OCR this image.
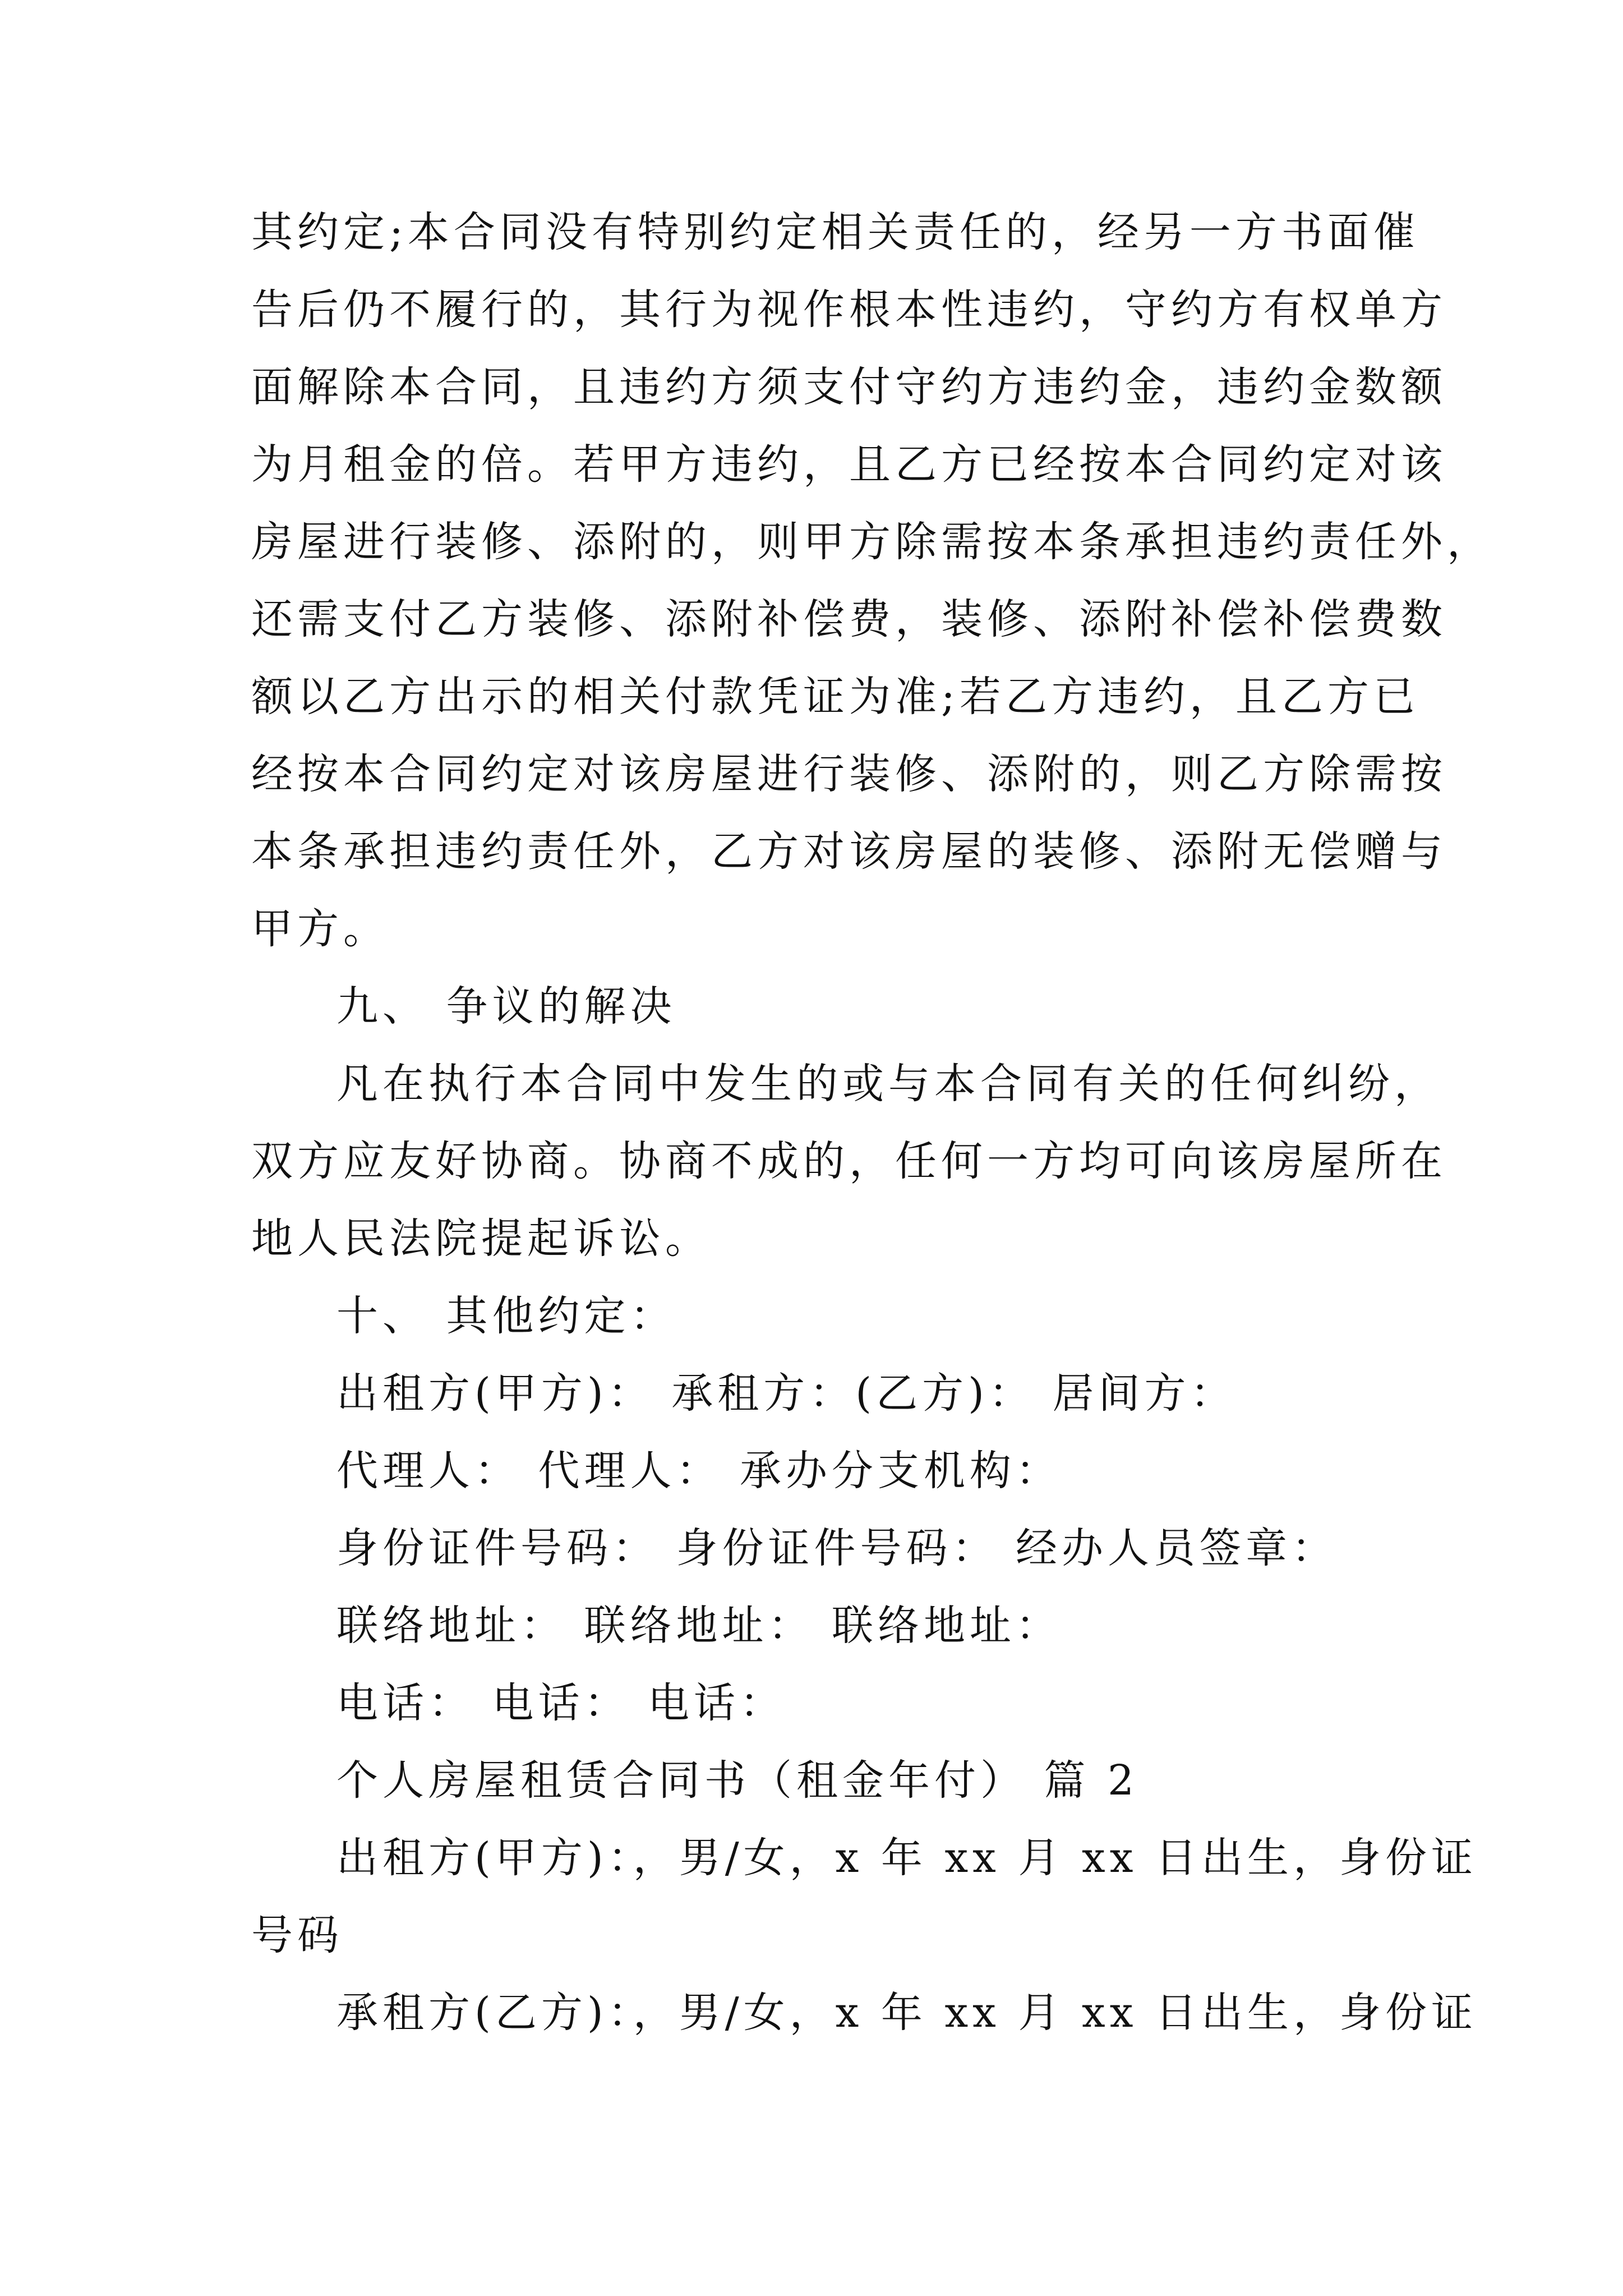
其约定;本合同没有特别约定相关责任的，经另一方书面催
告后仍不履行的，其行为视作根本性违约，守约方有权单方
面解除本合同，且违约方须支付守约方违约金，违约金数额
为月租金的倍。若甲方违约，且乙方已经按本合同约定对该
房屋进行装修、添附的，则甲方除需按本条承担违约责任外，
还需支付乙方装修、添附补偿费，装修、添附补偿补偿费数
额以乙方出示的相关付款凭证为准;若乙方违约，且乙方已
经按本合同约定对该房屋进行装修、添附的，则乙方除需按
本条承担违约责任外，乙方对该房屋的装修、添附无偿赠与
甲方。
九、 争议的解决
凡在执行本合同中发生的或与本合同有关的任何纠纷，
双方应友好协商。协商不成的，任何一方均可向该房屋所在
地人民法院提起诉讼。
十、 其他约定：
出租方(甲方)： 承租方：(乙方)： 居间方：
代理人： 代理人： 承办分支机构：
身份证件号码： 身份证件号码： 经办人员签章：
联络地址： 联络地址： 联络地址：
电话： 电话： 电话：
个人房屋租赁合同书（租金年付） 篇 2
出租方(甲方)：，男/女，x 年 xx 月 xx 日出生，身份证
号码
承租方(乙方)：，男/女，x 年 xx 月 xx 日出生，身份证
